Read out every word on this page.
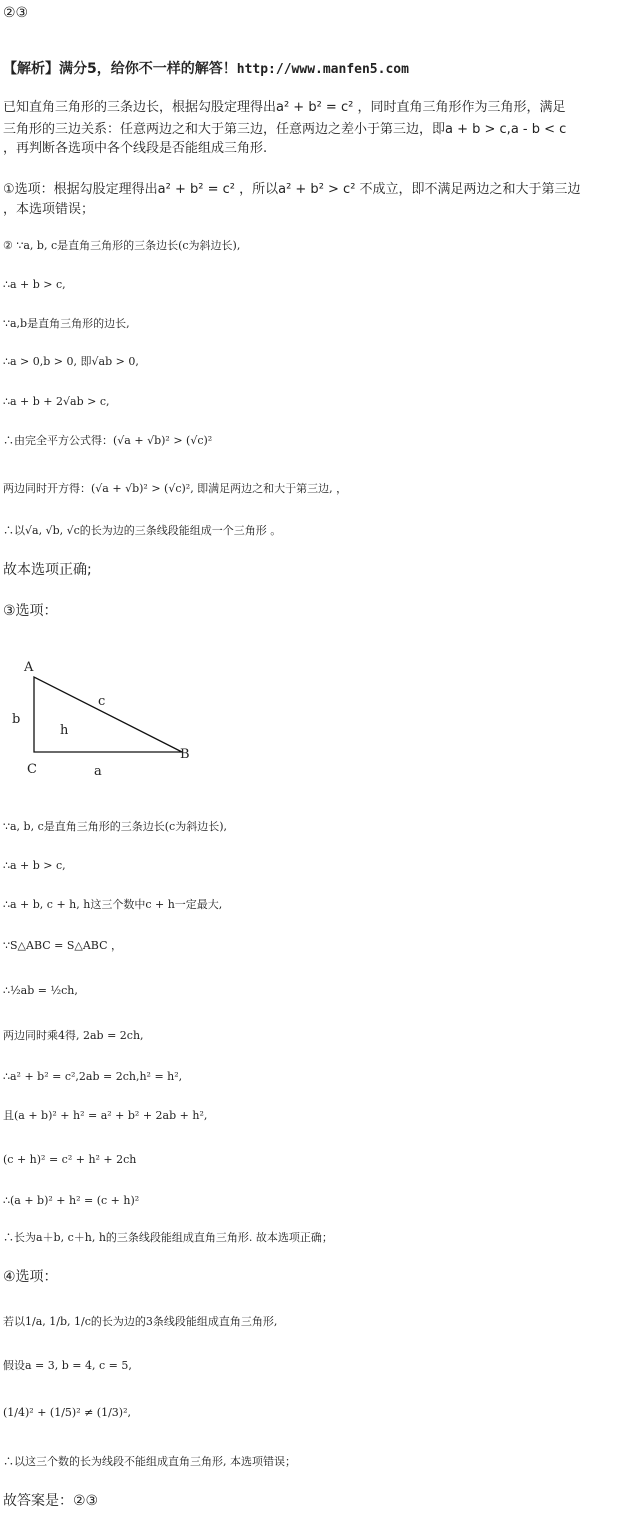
②③
【解析】满分5，给你不一样的解答！http://www.manfen5.com
已知直角三角形的三条边长，根据勾股定理得出a² + b² = c² ，同时直角三角形作为三角形，满足
三角形的三边关系：任意两边之和大于第三边，任意两边之差小于第三边，即a + b > c,a - b < c
，再判断各选项中各个线段是否能组成三角形.
①选项：根据勾股定理得出a² + b² = c² ，所以a² + b² > c² 不成立，即不满足两边之和大于第三边
，本选项错误；
② ∵a, b, c是直角三角形的三条边长(c为斜边长),
∴a + b > c,
∵a,b是直角三角形的边长,
∴a > 0,b > 0, 即√ab > 0,
∴a + b + 2√ab > c,
∴由完全平方公式得：(√a + √b)² > (√c)²
两边同时开方得：(√a + √b)² > (√c)², 即满足两边之和大于第三边, ，
∴以√a, √b, √c的长为边的三条线段能组成一个三角形 。
故本选项正确;
③选项：
A
B
C
b
a
c
h
∵a, b, c是直角三角形的三条边长(c为斜边长),
∴a + b > c,
∴a + b, c + h, h这三个数中c + h一定最大,
∵S△ABC = S△ABC ，
∴½ab = ½ch,
两边同时乘4得, 2ab = 2ch,
∴a² + b² = c²,2ab = 2ch,h² = h²,
且(a + b)² + h² = a² + b² + 2ab + h²,
(c + h)² = c² + h² + 2ch
∴(a + b)² + h² = (c + h)²
∴长为a＋b, c＋h, h的三条线段能组成直角三角形. 故本选项正确；
④选项：
若以1/a, 1/b, 1/c的长为边的3条线段能组成直角三角形,
假设a = 3, b = 4, c = 5,
(1/4)² + (1/5)² ≠ (1/3)²,
∴以这三个数的长为线段不能组成直角三角形, 本选项错误；
故答案是：②③
